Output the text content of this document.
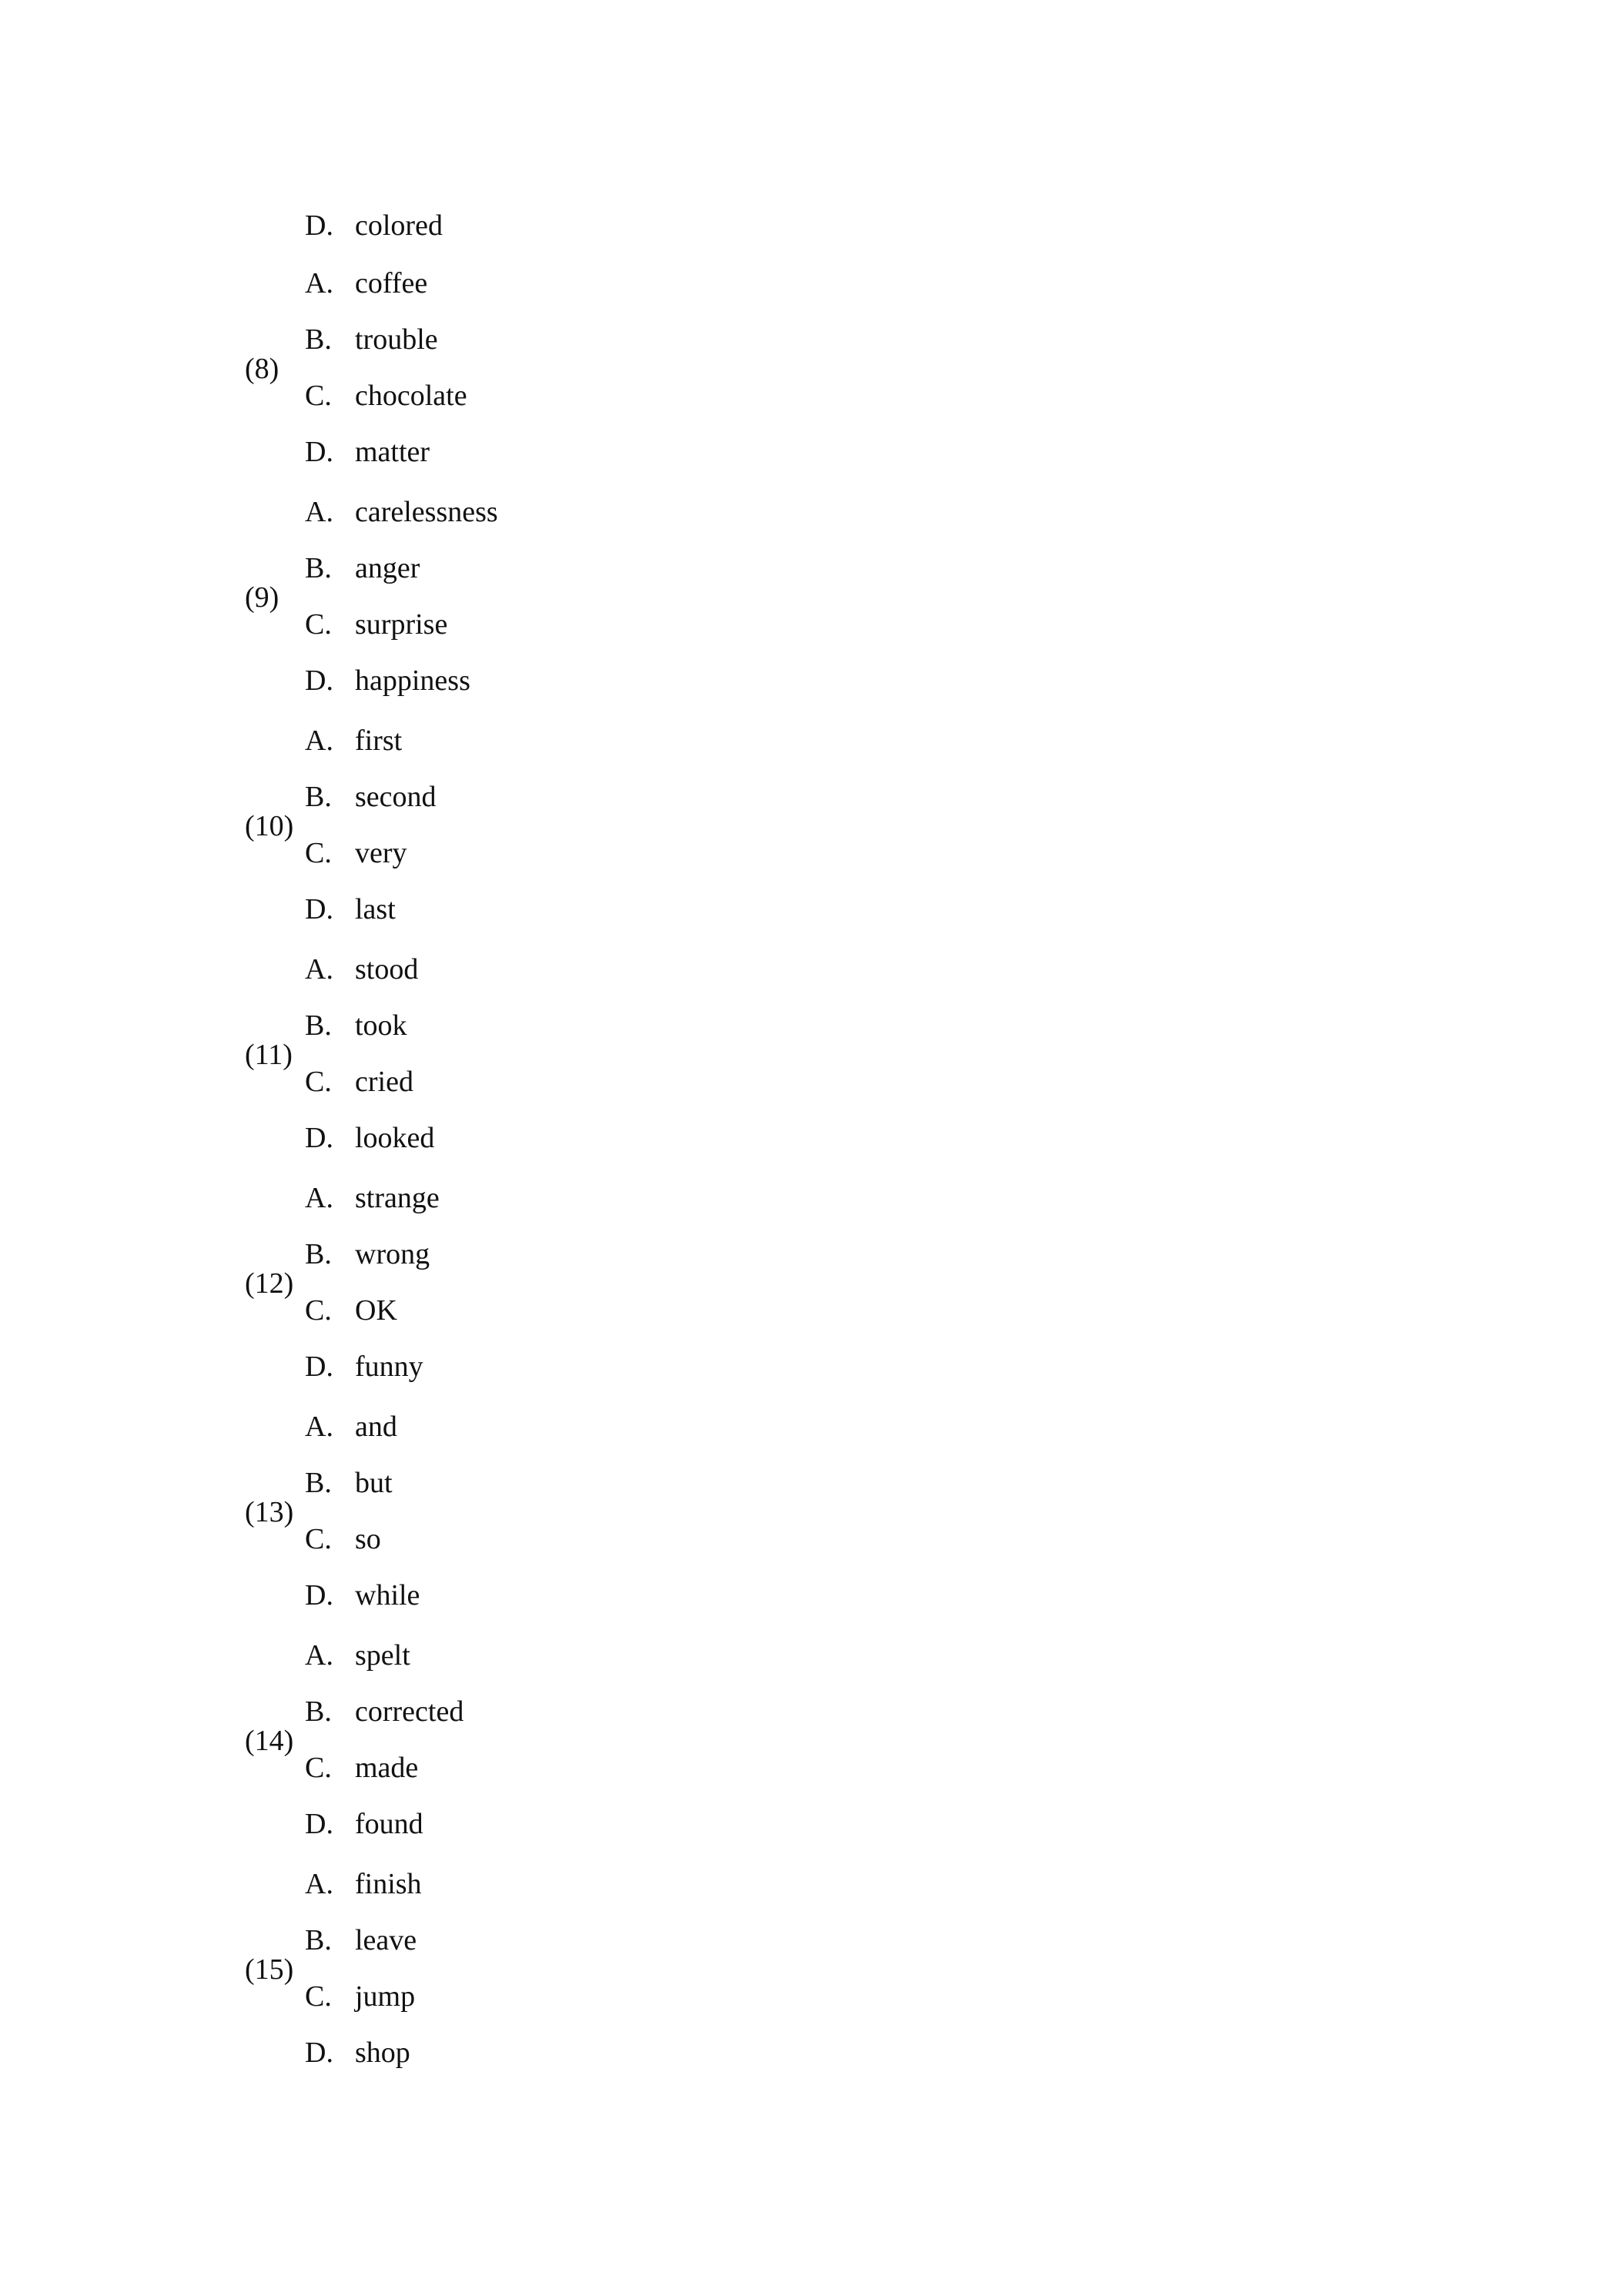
D. colored
(8)
A. coffee
B. trouble
C. chocolate
D. matter
(9)
A. carelessness
B. anger
C. surprise
D. happiness
(10)
A. first
B. second
C. very
D. last
(11)
A. stood
B. took
C. cried
D. looked
(12)
A. strange
B. wrong
C. OK
D. funny
(13)
A. and
B. but
C. so
D. while
(14)
A. spelt
B. corrected
C. made
D. found
(15)
A. finish
B. leave
C. jump
D. shop
